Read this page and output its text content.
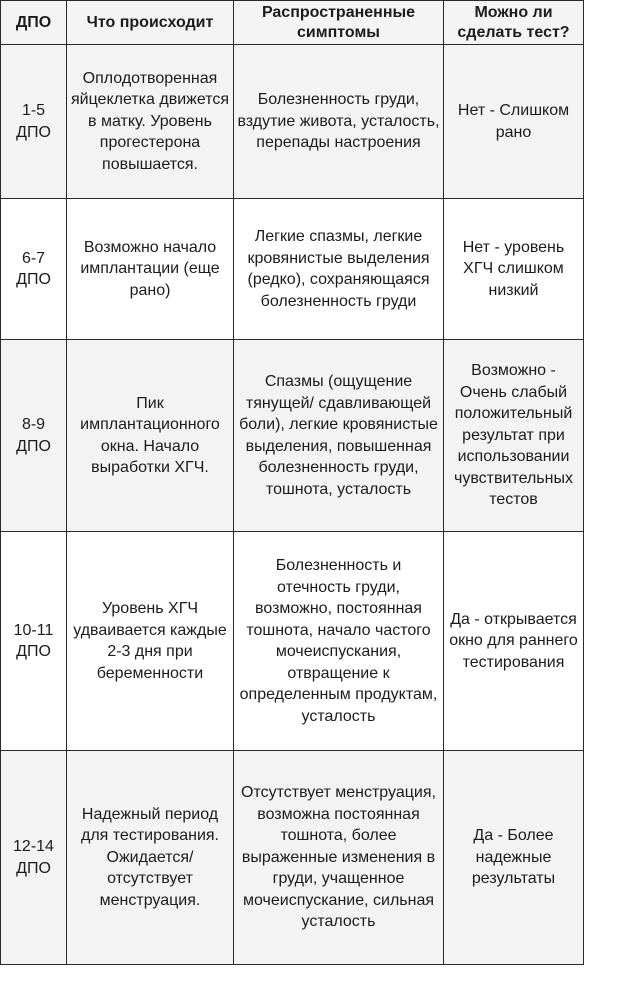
ДПО	Что происходит	Распространенные симптомы	Можно ли сделать тест?

1-5 ДПО	Оплодотворенная яйцеклетка движется в матку. Уровень прогестерона повышается.	Болезненность груди, вздутие живота, усталость, перепады настроения	Нет - Слишком рано

6-7 ДПО	Возможно начало имплантации (еще рано)	Легкие спазмы, легкие кровянистые выделения (редко), сохраняющаяся болезненность груди	Нет - уровень ХГЧ слишком низкий

8-9 ДПО	Пик имплантационного окна. Начало выработки ХГЧ.	Спазмы (ощущение тянущей/ сдавливающей боли), легкие кровянистые выделения, повышенная болезненность груди, тошнота, усталость	Возможно - Очень слабый положительный результат при использовании чувствительных тестов

10-11 ДПО	Уровень ХГЧ удваивается каждые 2-3 дня при беременности	Болезненность и отечность груди, возможно, постоянная тошнота, начало частого мочеиспускания, отвращение к определенным продуктам, усталость	Да - открывается окно для раннего тестирования

12-14 ДПО	Надежный период для тестирования. Ожидается/ отсутствует менструация.	Отсутствует менструация, возможна постоянная тошнота, более выраженные изменения в груди, учащенное мочеиспускание, сильная усталость	Да - Более надежные результаты
